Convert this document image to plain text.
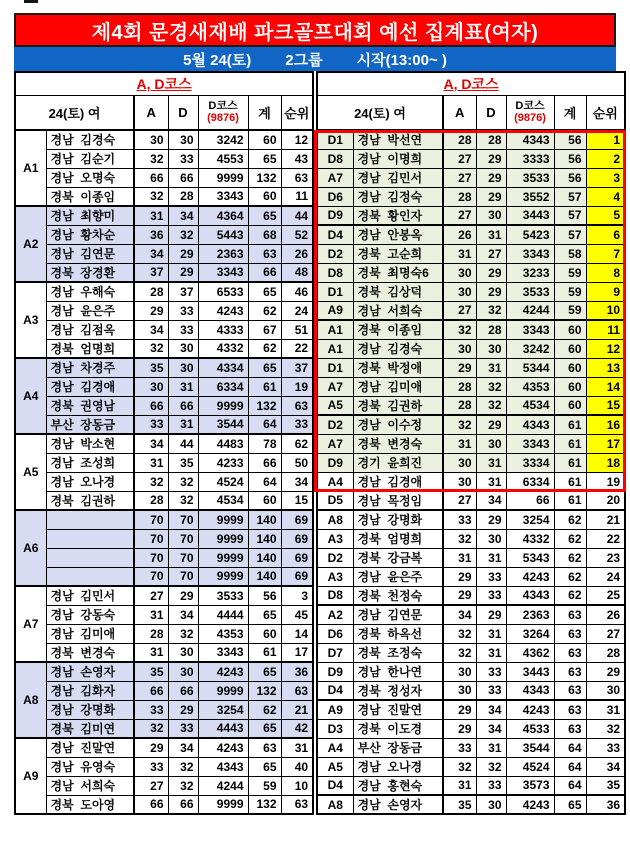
제4회 문경새재배 파크골프대회 예선 집계표(여자)
5월 24(토) 2그룹 시작(13:00~ )
A, D코스						
24(토) 여		A	D	D코스
(9876)	계	순위
A1	경남  김경숙	30	30	3242	60	12
	경남  김순기	32	33	4553	65	43
	경남  오명숙	66	66	9999	132	63
	경북  이종임	32	28	3343	60	11
A2	경남  최향미	31	34	4364	65	44
	경남  황차순	36	32	5443	68	52
	경남  김연문	34	29	2363	63	26
	경북  장경환	37	29	3343	66	48
A3	경남  우해숙	28	37	6533	65	46
	경남  윤은주	29	33	4243	62	24
	경남  김점옥	34	33	4333	67	51
	경북  엄명희	32	30	4332	62	22
A4	경남  차경주	35	30	4334	65	37
	경남  김경애	30	31	6334	61	19
	경북  권영남	66	66	9999	132	63
	부산  장동금	33	31	3544	64	33
A5	경남  박소현	34	44	4483	78	62
	경남  조성희	31	35	4233	66	50
	경남  오나경	32	32	4524	64	34
	경북  김권하	28	32	4534	60	15
A6		70	70	9999	140	69
		70	70	9999	140	69
		70	70	9999	140	69
		70	70	9999	140	69
A7	경남  김민서	27	29	3533	56	3
	경남  강동숙	31	34	4444	65	45
	경남  김미애	28	32	4353	60	14
	경북  변경숙	31	30	3343	61	17
A8	경남  손영자	35	30	4243	65	36
	경남  김화자	66	66	9999	132	63
	경남  강명화	33	29	3254	62	21
	경북  김미연	32	33	4443	65	42
A9	경남  진말연	29	34	4243	63	31
	경남  유영숙	33	32	4343	65	40
	경남  서희숙	27	32	4244	59	10
	경북  도아영	66	66	9999	132	63
A, D코스						
24(토) 여		A	D	D코스
(9876)	계	순위
D1	경남  박선연	28	28	4343	56	1
D8	경남  이명희	27	29	3333	56	2
A7	경남  김민서	27	29	3533	56	3
D6	경남  김정숙	28	29	3552	57	4
D9	경북  황인자	27	30	3443	57	5
D4	경남  안봉옥	26	31	5423	57	6
D2	경북  고순희	31	27	3343	58	7
D8	경북  최명숙6	30	29	3233	59	8
D1	경북  김상덕	30	29	3533	59	9
A9	경남  서희숙	27	32	4244	59	10
A1	경북  이종임	32	28	3343	60	11
A1	경남  김경숙	30	30	3242	60	12
D1	경북  박정애	29	31	5344	60	13
A7	경남  김미애	28	32	4353	60	14
A5	경북  김권하	28	32	4534	60	15
D2	경남  이수정	32	29	4343	61	16
A7	경북  변경숙	31	30	3343	61	17
D9	경기  윤희진	30	31	3334	61	18
A4	경남  김경애	30	31	6334	61	19
D5	경남  목정임	27	34	66	61	20
A8	경남  강명화	33	29	3254	62	21
A3	경북  엄명희	32	30	4332	62	22
D2	경북  강금복	31	31	5343	62	23
A3	경남  윤은주	29	33	4243	62	24
D8	경북  천정숙	29	33	4343	62	25
A2	경남  김연문	34	29	2363	63	26
D6	경북  하옥선	32	31	3264	63	27
D7	경북  조정숙	32	31	4362	63	28
D9	경남  한나연	30	33	3443	63	29
D4	경북  정성자	30	33	4343	63	30
A9	경남  진말연	29	34	4243	63	31
D3	경북  이도경	29	34	4533	63	32
A4	부산  장동금	33	31	3544	64	33
A5	경남  오나경	32	32	4524	64	34
D4	경남  홍현숙	31	33	3573	64	35
A8	경남  손영자	35	30	4243	65	36
